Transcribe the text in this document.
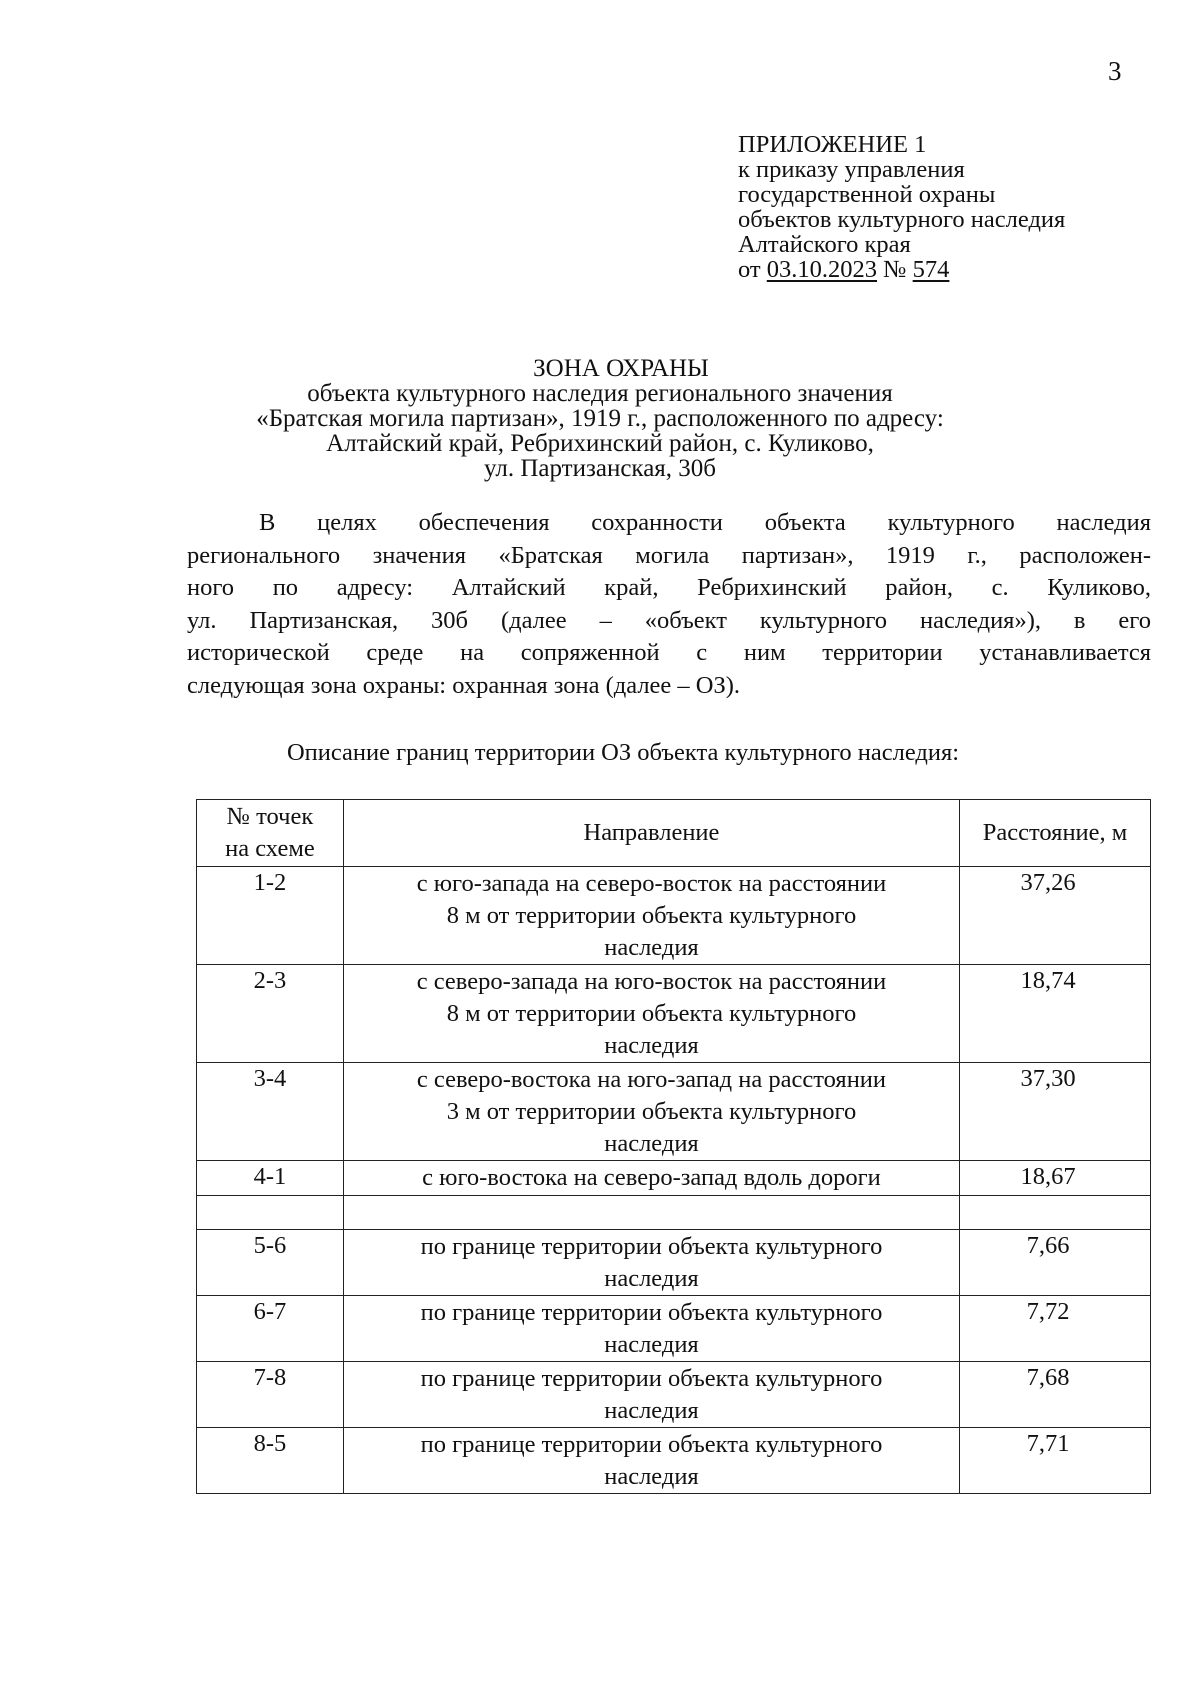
3
ПРИЛОЖЕНИЕ 1
к приказу управления
государственной охраны
объектов культурного наследия
Алтайского края
от 03.10.2023 № 574
ЗОНА ОХРАНЫ
объекта культурного наследия регионального значения
«Братская могила партизан», 1919 г., расположенного по адресу:
Алтайский край, Ребрихинский район, с. Куликово,
ул. Партизанская, 30б
В целях обеспечения сохранности объекта культурного наследия
регионального значения «Братская могила партизан», 1919 г., расположен-
ного по адресу: Алтайский край, Ребрихинский район, с. Куликово,
ул. Партизанская, 30б (далее – «объект культурного наследия»), в его
исторической среде на сопряженной с ним территории устанавливается
следующая зона охраны: охранная зона (далее – ОЗ).
Описание границ территории ОЗ объекта культурного наследия:
№ точек
на схеме	Направление	Расстояние, м
1-2	с юго-запада на северо-восток на расстоянии
8 м от территории объекта культурного
наследия	37,26
2-3	с северо-запада на юго-восток на расстоянии
8 м от территории объекта культурного
наследия	18,74
3-4	с северо-востока на юго-запад на расстоянии
3 м от территории объекта культурного
наследия	37,30
4-1	с юго-востока на северо-запад вдоль дороги	18,67

5-6	по границе территории объекта культурного
наследия	7,66
6-7	по границе территории объекта культурного
наследия	7,72
7-8	по границе территории объекта культурного
наследия	7,68
8-5	по границе территории объекта культурного
наследия	7,71
